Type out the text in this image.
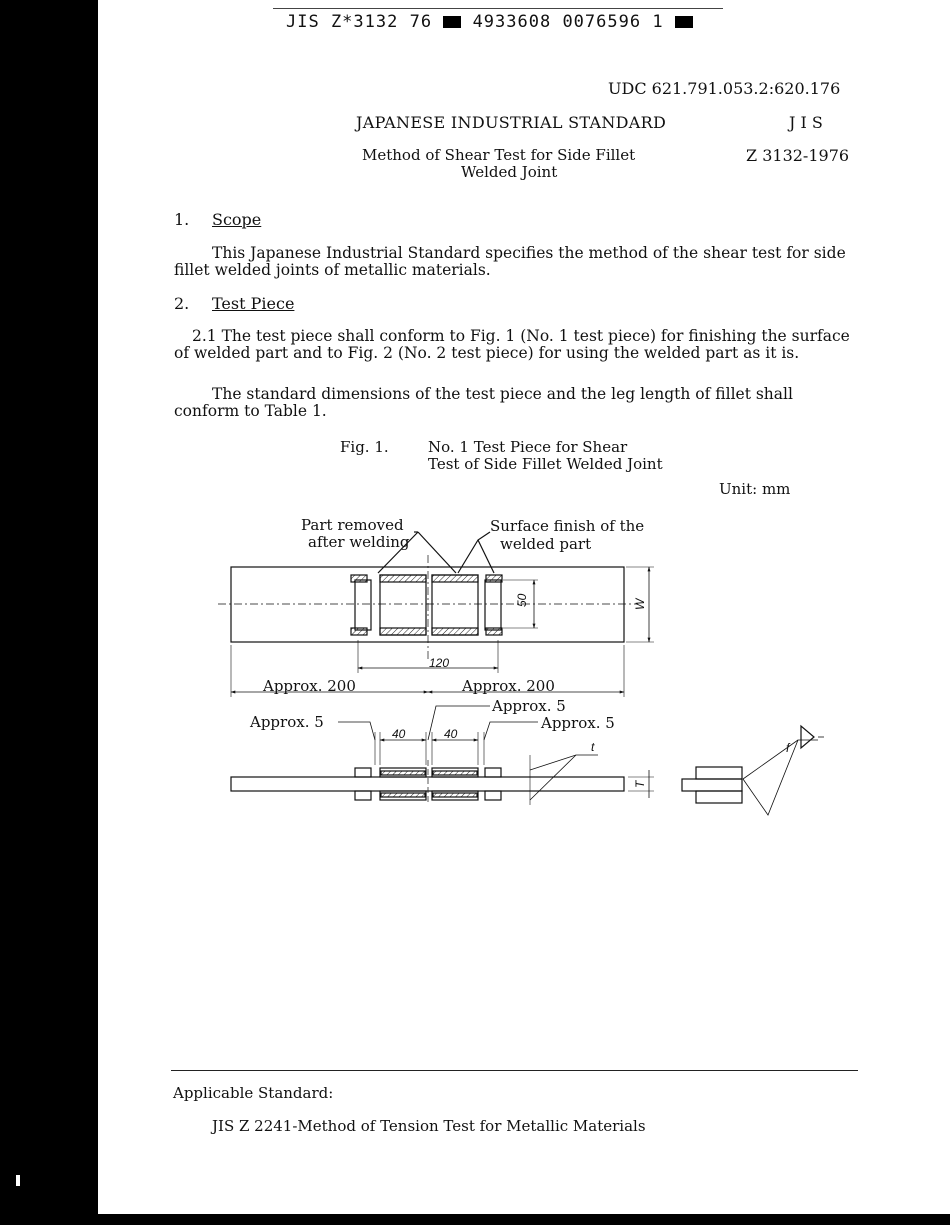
JIS Z*3132 76 4933608 0076596 1
UDC 621.791.053.2:620.176
JAPANESE INDUSTRIAL STANDARD	J I S
Method of Shear Test for Side Fillet
Welded Joint
Z 3132-1976
1. Scope
This Japanese Industrial Standard specifies the method of the shear test for side fillet welded joints of metallic materials.
2. Test Piece
2.1 The test piece shall conform to Fig. 1 (No. 1 test piece) for finishing the surface of welded part and to Fig. 2 (No. 2 test piece) for using the welded part as it is.
The standard dimensions of the test piece and the leg length of fillet shall conform to Table 1.
Fig. 1.	No. 1 Test Piece for Shear
Test of Side Fillet Welded Joint
Unit: mm
Part removed
after welding
Surface finish of the
welded part
50	W
120
Approx. 200	Approx. 200
Approx. 5
Approx. 5
Approx. 5
40	40
t
T
f
Applicable Standard:
JIS Z 2241-Method of Tension Test for Metallic Materials
